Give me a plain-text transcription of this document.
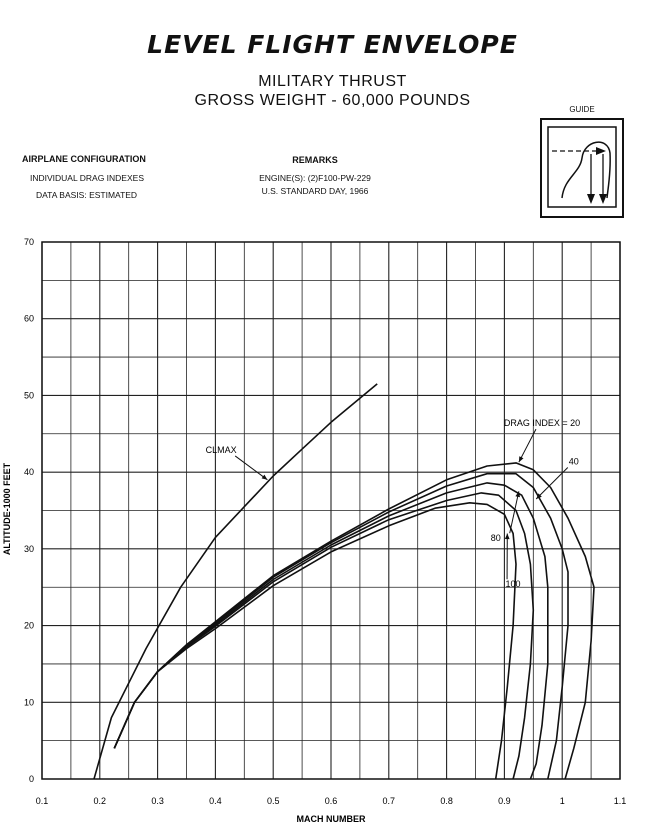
LEVEL FLIGHT ENVELOPE
MILITARY THRUST
GROSS WEIGHT - 60,000 POUNDS
AIRPLANE CONFIGURATION
INDIVIDUAL DRAG INDEXES
DATA BASIS: ESTIMATED
REMARKS
ENGINE(S): (2)F100-PW-229
U.S. STANDARD DAY, 1966
GUIDE
0.1	0.2	0.3	0.4	0.5	0.6	0.7	0.8	0.9	1	1.1
0
10
20
30
40
50
60
70
CLMAX
DRAG INDEX = 20
40
80
100
MACH NUMBER
ALTITUDE-1000 FEET
